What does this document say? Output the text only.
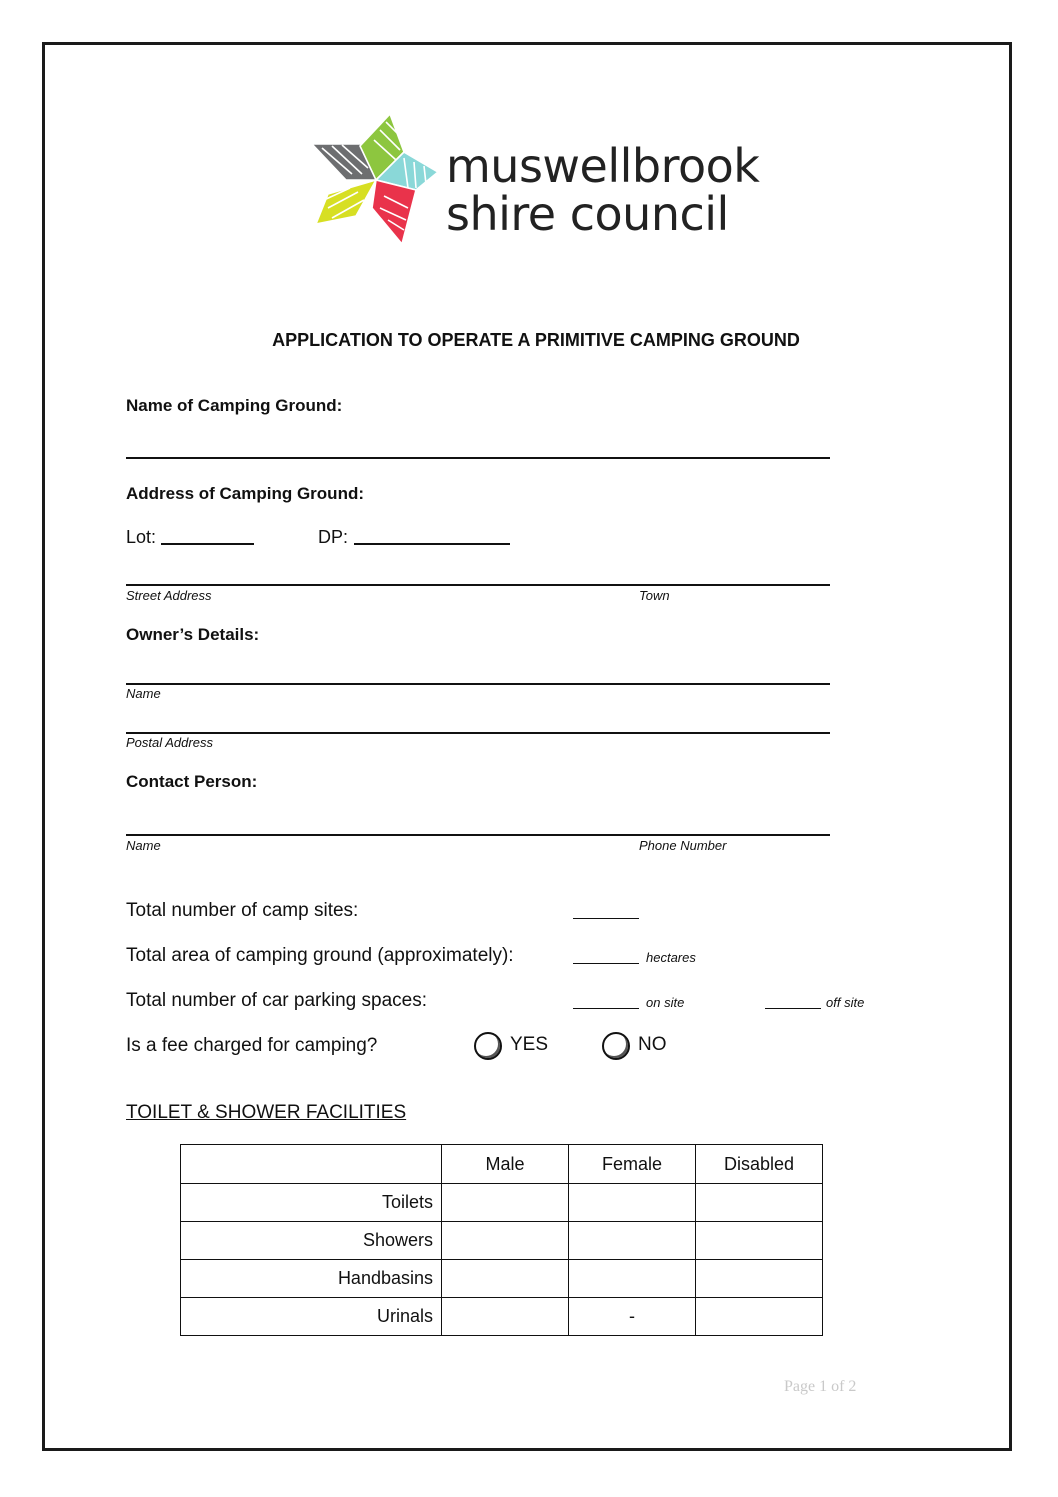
muswellbrook
shire council
APPLICATION TO OPERATE A PRIMITIVE CAMPING GROUND
Name of Camping Ground:
Address of Camping Ground:
Lot:	DP:
Street Address	Town
Owner’s Details:
Name
Postal Address
Contact Person:
Name	Phone Number
Total number of camp sites:
Total area of camping ground (approximately):	hectares
Total number of car parking spaces:	on site	off site
Is a fee charged for camping?	YES	NO
TOILET & SHOWER FACILITIES
	Male	Female	Disabled
Toilets			
Showers			
Handbasins			
Urinals		-	
Page 1 of 2
